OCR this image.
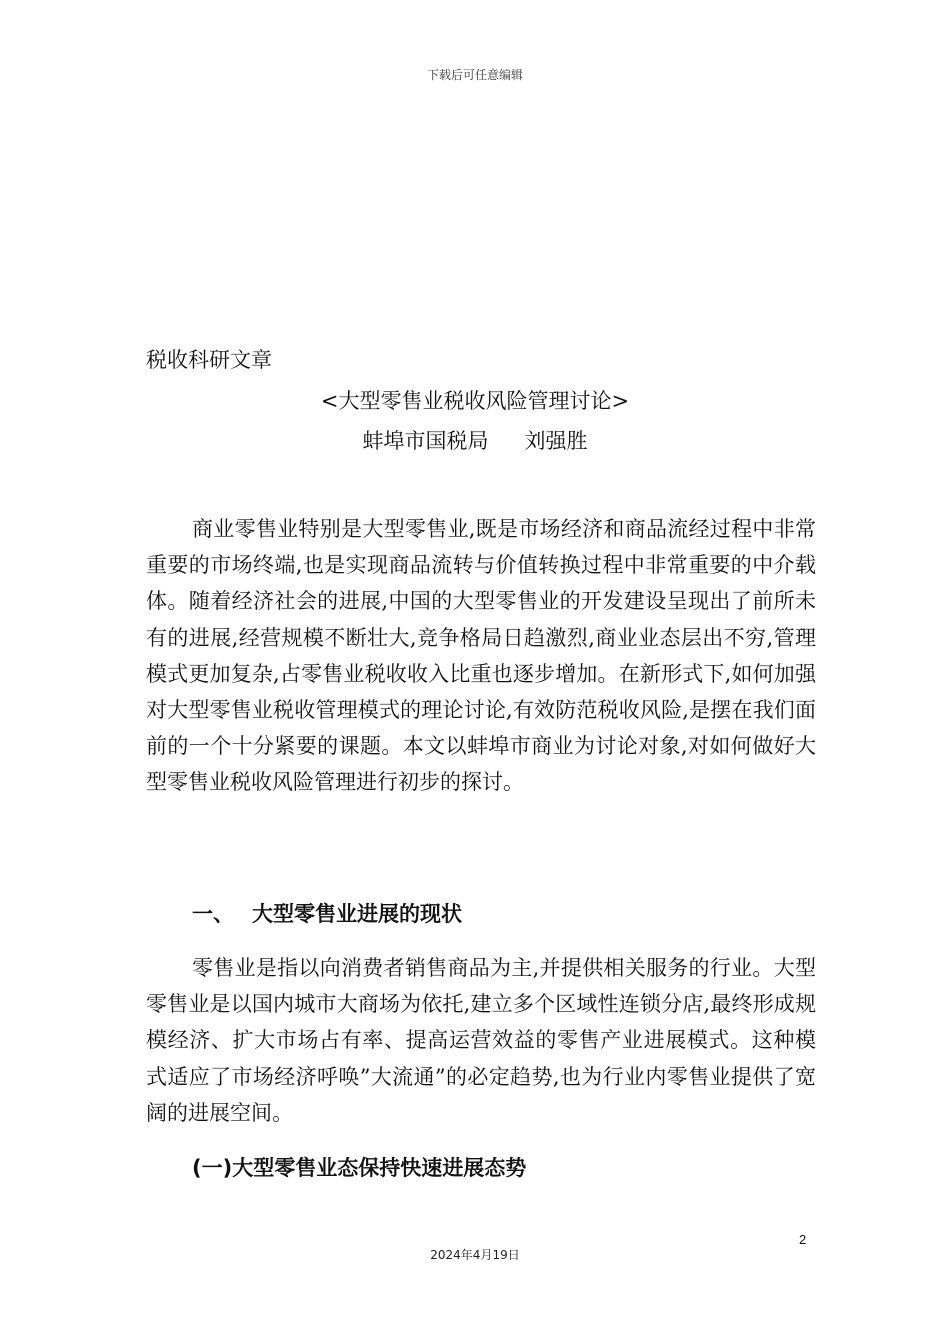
下载后可任意编辑
税收科研文章
<大型零售业税收风险管理讨论>
蚌埠市国税局 刘强胜

商业零售业特别是大型零售业,既是市场经济和商品流经过程中非常重要的市场终端,也是实现商品流转与价值转换过程中非常重要的中介载体。随着经济社会的进展,中国的大型零售业的开发建设呈现出了前所未有的进展,经营规模不断壮大,竞争格局日趋激烈,商业业态层出不穷,管理模式更加复杂,占零售业税收收入比重也逐步增加。在新形式下,如何加强对大型零售业税收管理模式的理论讨论,有效防范税收风险,是摆在我们面前的一个十分紧要的课题。本文以蚌埠市商业为讨论对象,对如何做好大型零售业税收风险管理进行初步的探讨。

一、 大型零售业进展的现状

零售业是指以向消费者销售商品为主,并提供相关服务的行业。大型零售业是以国内城市大商场为依托,建立多个区域性连锁分店,最终形成规模经济、扩大市场占有率、提高运营效益的零售产业进展模式。这种模式适应了市场经济呼唤”大流通”的必定趋势,也为行业内零售业提供了宽阔的进展空间。

(一)大型零售业态保持快速进展态势
2
2024年4月19日
